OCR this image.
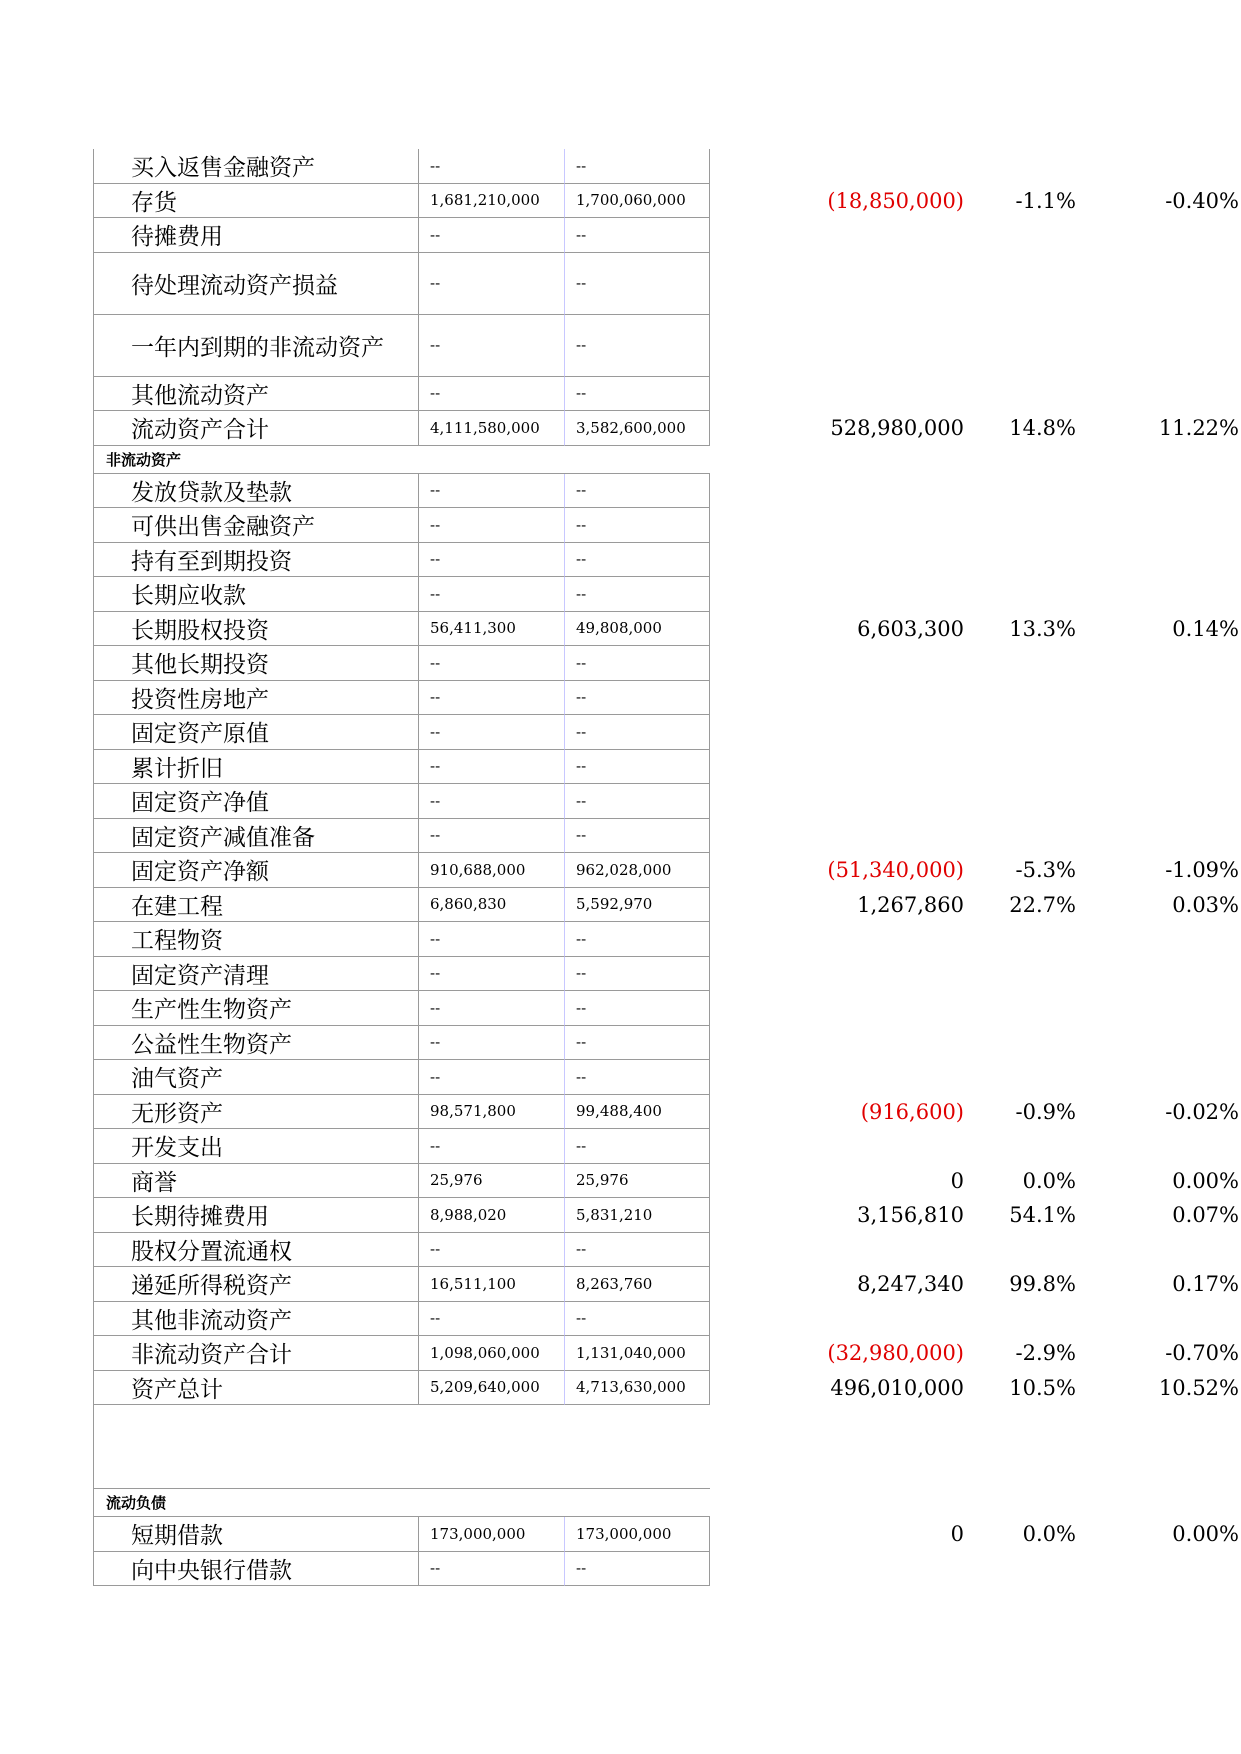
买入返售金融资产	--	--
存货	1,681,210,000	1,700,060,000	(18,850,000)	-1.1%	-0.40%
待摊费用	--	--
待处理流动资产损益	--	--
一年内到期的非流动资产	--	--
其他流动资产	--	--
流动资产合计	4,111,580,000	3,582,600,000	528,980,000	14.8%	11.22%
非流动资产
发放贷款及垫款	--	--
可供出售金融资产	--	--
持有至到期投资	--	--
长期应收款	--	--
长期股权投资	56,411,300	49,808,000	6,603,300	13.3%	0.14%
其他长期投资	--	--
投资性房地产	--	--
固定资产原值	--	--
累计折旧	--	--
固定资产净值	--	--
固定资产减值准备	--	--
固定资产净额	910,688,000	962,028,000	(51,340,000)	-5.3%	-1.09%
在建工程	6,860,830	5,592,970	1,267,860	22.7%	0.03%
工程物资	--	--
固定资产清理	--	--
生产性生物资产	--	--
公益性生物资产	--	--
油气资产	--	--
无形资产	98,571,800	99,488,400	(916,600)	-0.9%	-0.02%
开发支出	--	--
商誉	25,976	25,976	0	0.0%	0.00%
长期待摊费用	8,988,020	5,831,210	3,156,810	54.1%	0.07%
股权分置流通权	--	--
递延所得税资产	16,511,100	8,263,760	8,247,340	99.8%	0.17%
其他非流动资产	--	--
非流动资产合计	1,098,060,000	1,131,040,000	(32,980,000)	-2.9%	-0.70%
资产总计	5,209,640,000	4,713,630,000	496,010,000	10.5%	10.52%
流动负债
短期借款	173,000,000	173,000,000	0	0.0%	0.00%
向中央银行借款	--	--
